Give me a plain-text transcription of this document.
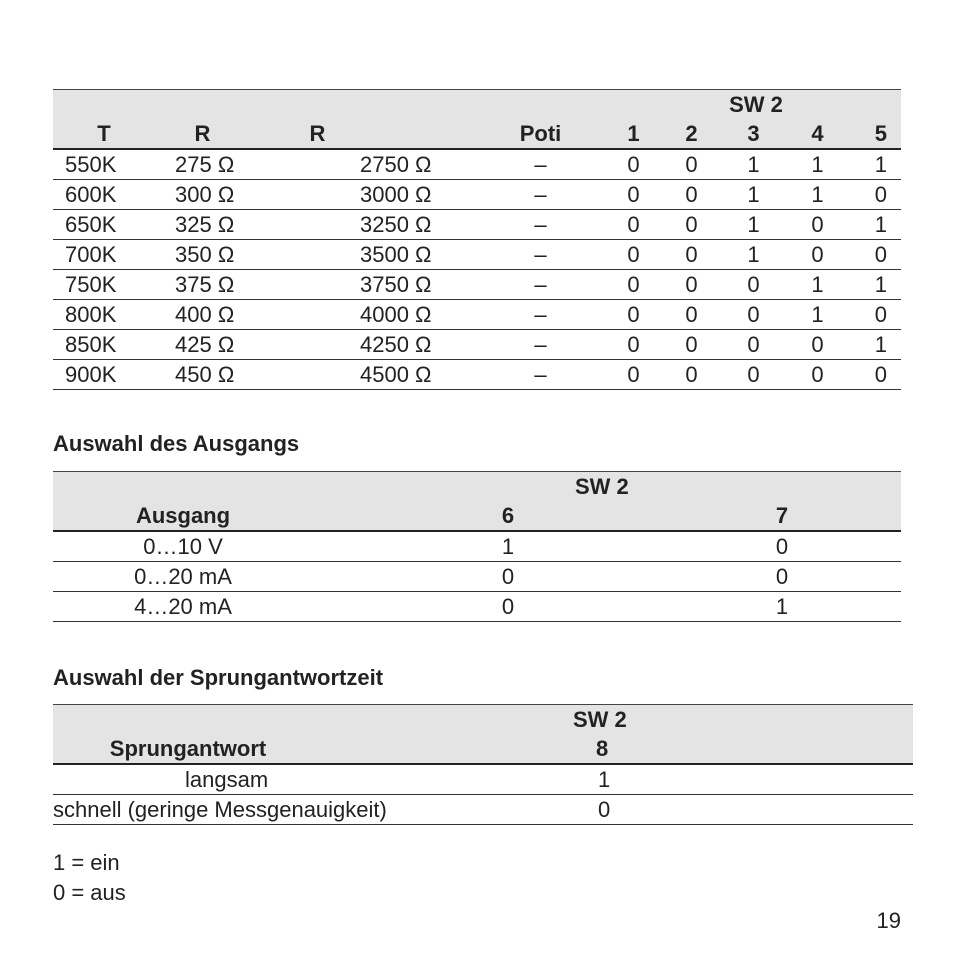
				SW 2				
T	R	R	Poti	1	2	3	4	5
550K	275 Ω	2750 Ω	–	0	0	1	1	1
600K	300 Ω	3000 Ω	–	0	0	1	1	0
650K	325 Ω	3250 Ω	–	0	0	1	0	1
700K	350 Ω	3500 Ω	–	0	0	1	0	0
750K	375 Ω	3750 Ω	–	0	0	0	1	1
800K	400 Ω	4000 Ω	–	0	0	0	1	0
850K	425 Ω	4250 Ω	–	0	0	0	0	1
900K	450 Ω	4500 Ω	–	0	0	0	0	0
Auswahl des Ausgangs
	SW 2	
Ausgang	6	7
0…10 V	1	0
0…20 mA	0	0
4…20 mA	0	1
Auswahl der Sprungantwortzeit
	SW 2
Sprungantwort	8
langsam	1
schnell (geringe Messgenauigkeit)	0

1 = ein

0 = aus

19
